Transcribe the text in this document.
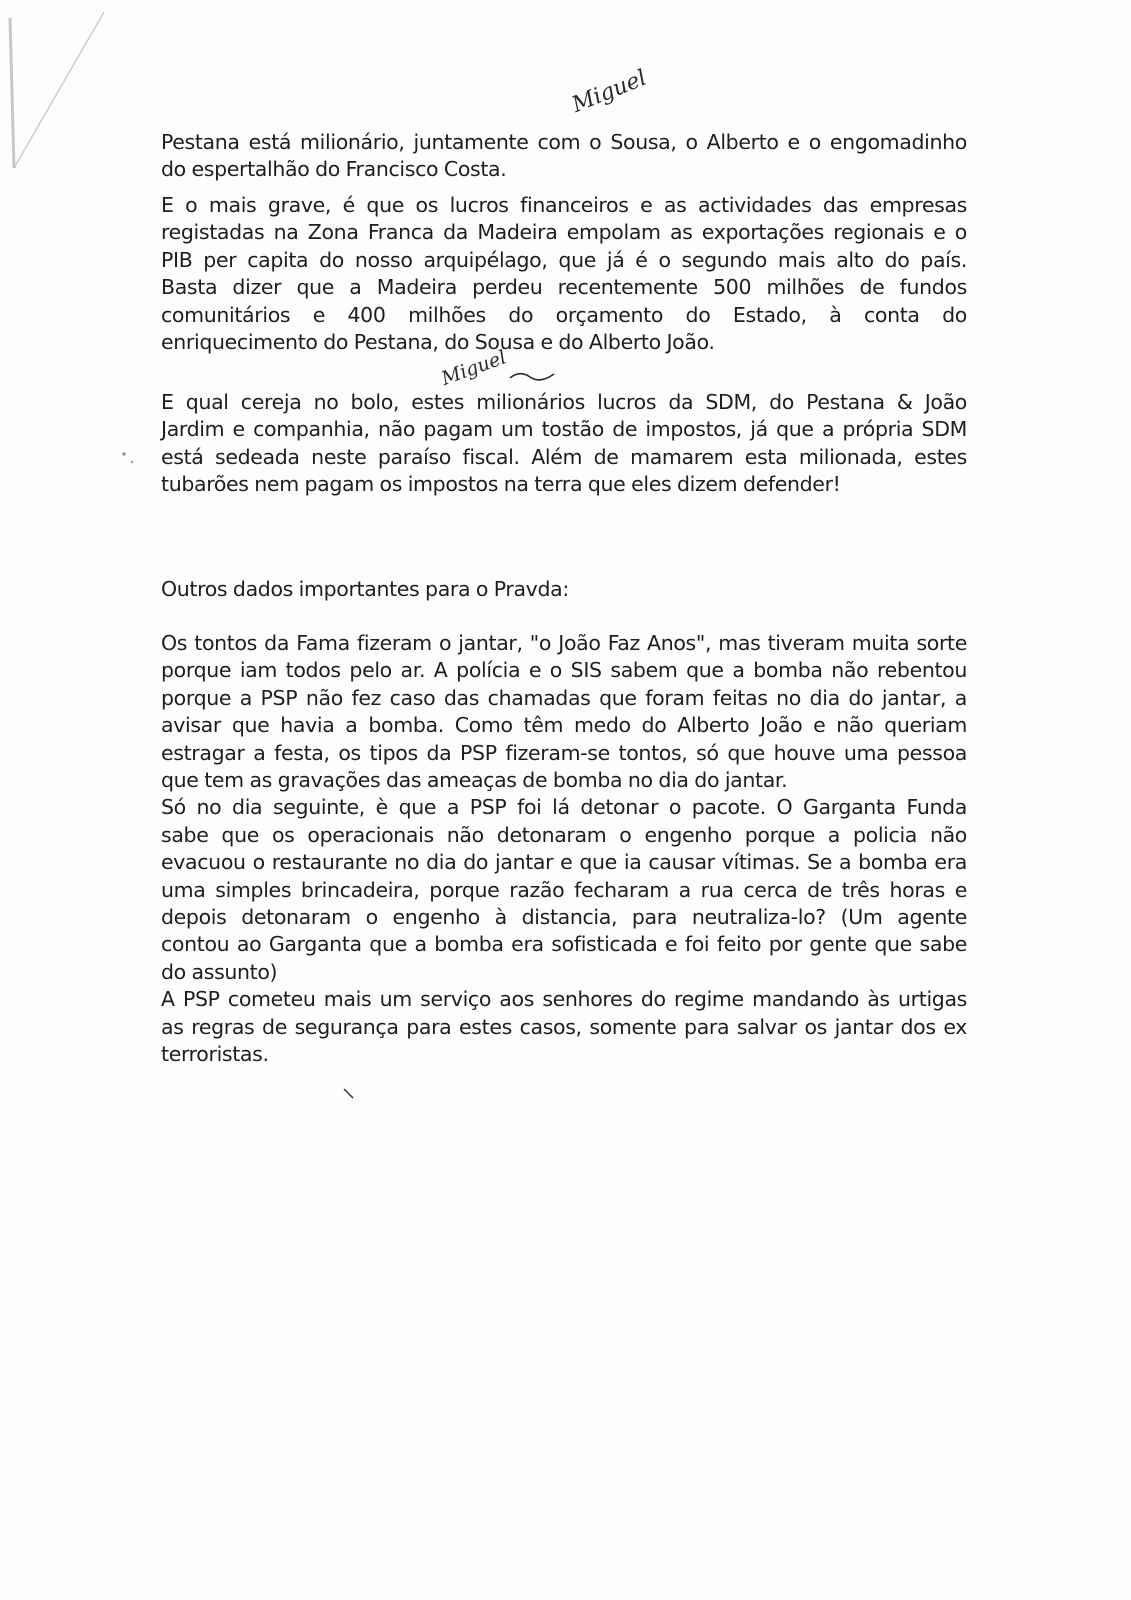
Miguel
Miguel
Pestana está milionário, juntamente com o Sousa, o Alberto e o engomadinho
do espertalhão do Francisco Costa.
E o mais grave, é que os lucros financeiros e as actividades das empresas
registadas na Zona Franca da Madeira empolam as exportações regionais e o
PIB per capita do nosso arquipélago, que já é o segundo mais alto do país.
Basta dizer que a Madeira perdeu recentemente 500 milhões de fundos
comunitários e 400 milhões do orçamento do Estado, à conta do
enriquecimento do Pestana, do Sousa e do Alberto João.
E qual cereja no bolo, estes milionários lucros da SDM, do Pestana & João
Jardim e companhia, não pagam um tostão de impostos, já que a própria SDM
está sedeada neste paraíso fiscal. Além de mamarem esta milionada, estes
tubarões nem pagam os impostos na terra que eles dizem defender!
Outros dados importantes para o Pravda:
Os tontos da Fama fizeram o jantar, "o João Faz Anos", mas tiveram muita sorte
porque iam todos pelo ar. A polícia e o SIS sabem que a bomba não rebentou
porque a PSP não fez caso das chamadas que foram feitas no dia do jantar, a
avisar que havia a bomba. Como têm medo do Alberto João e não queriam
estragar a festa, os tipos da PSP fizeram-se tontos, só que houve uma pessoa
que tem as gravações das ameaças de bomba no dia do jantar.
Só no dia seguinte, è que a PSP foi lá detonar o pacote. O Garganta Funda
sabe que os operacionais não detonaram o engenho porque a policia não
evacuou o restaurante no dia do jantar e que ia causar vítimas. Se a bomba era
uma simples brincadeira, porque razão fecharam a rua cerca de três horas e
depois detonaram o engenho à distancia, para neutraliza-lo? (Um agente
contou ao Garganta que a bomba era sofisticada e foi feito por gente que sabe
do assunto)
A PSP cometeu mais um serviço aos senhores do regime mandando às urtigas
as regras de segurança para estes casos, somente para salvar os jantar dos ex
terroristas.
